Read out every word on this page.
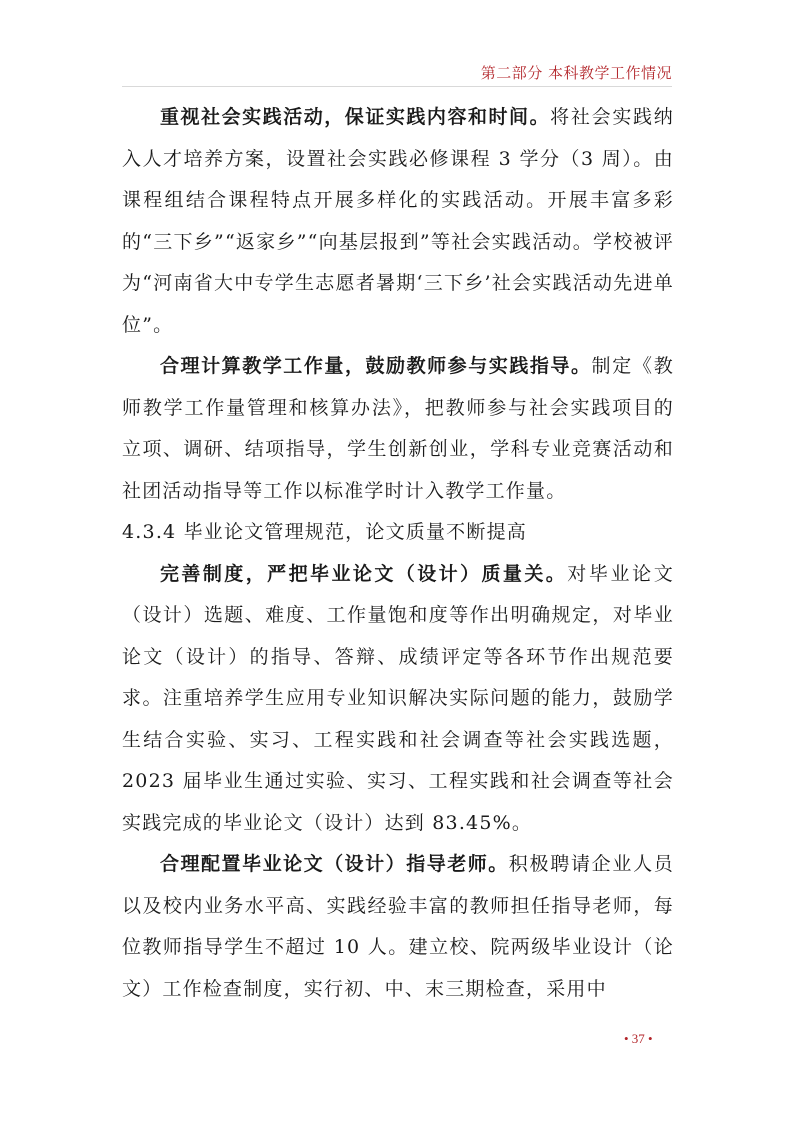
第二部分 本科教学工作情况

重视社会实践活动，保证实践内容和时间。将社会实践纳入人才培养方案，设置社会实践必修课程 3 学分（3 周）。由课程组结合课程特点开展多样化的实践活动。开展丰富多彩的“三下乡”“返家乡”“向基层报到”等社会实践活动。学校被评为“河南省大中专学生志愿者暑期‘三下乡’社会实践活动先进单位”。

合理计算教学工作量，鼓励教师参与实践指导。制定《教师教学工作量管理和核算办法》，把教师参与社会实践项目的立项、调研、结项指导，学生创新创业，学科专业竞赛活动和社团活动指导等工作以标准学时计入教学工作量。

4.3.4 毕业论文管理规范，论文质量不断提高

完善制度，严把毕业论文（设计）质量关。对毕业论文（设计）选题、难度、工作量饱和度等作出明确规定，对毕业论文（设计）的指导、答辩、成绩评定等各环节作出规范要求。注重培养学生应用专业知识解决实际问题的能力，鼓励学生结合实验、实习、工程实践和社会调查等社会实践选题，2023 届毕业生通过实验、实习、工程实践和社会调查等社会实践完成的毕业论文（设计）达到 83.45%。

合理配置毕业论文（设计）指导老师。积极聘请企业人员以及校内业务水平高、实践经验丰富的教师担任指导老师，每位教师指导学生不超过 10 人。建立校、院两级毕业设计（论文）工作检查制度，实行初、中、末三期检查，采用中

• 37 •
